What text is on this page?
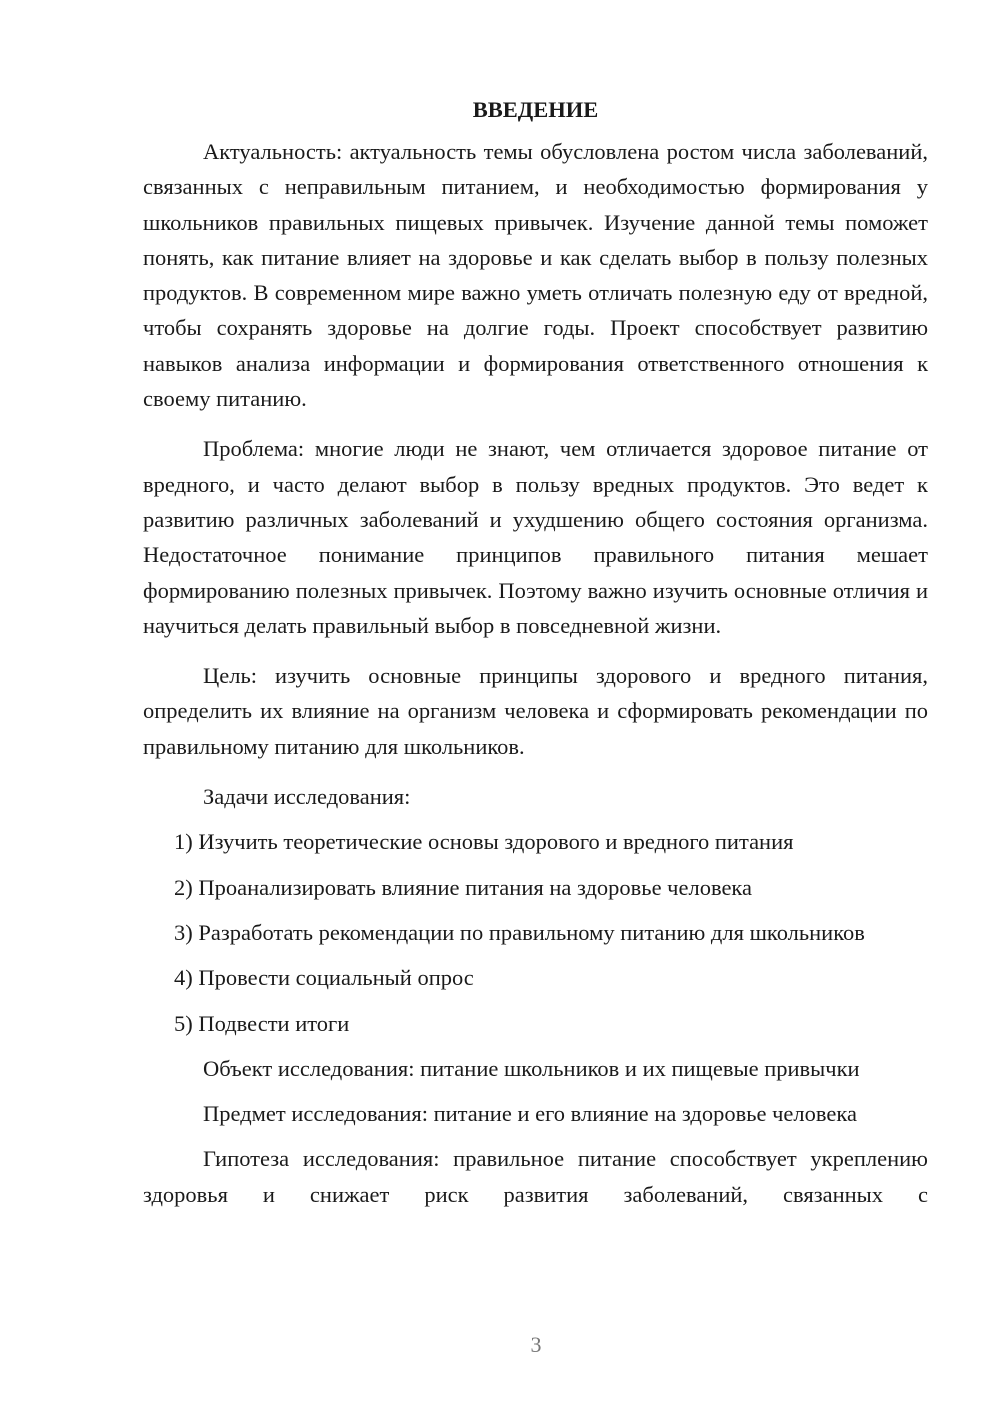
ВВЕДЕНИЕ

Актуальность: актуальность темы обусловлена ростом числа заболеваний, связанных с неправильным питанием, и необходимостью формирования у школьников правильных пищевых привычек. Изучение данной темы поможет понять, как питание влияет на здоровье и как сделать выбор в пользу полезных продуктов. В современном мире важно уметь отличать полезную еду от вредной, чтобы сохранять здоровье на долгие годы. Проект способствует развитию навыков анализа информации и формирования ответственного отношения к своему питанию.

Проблема: многие люди не знают, чем отличается здоровое питание от вредного, и часто делают выбор в пользу вредных продуктов. Это ведет к развитию различных заболеваний и ухудшению общего состояния организма. Недостаточное понимание принципов правильного питания мешает формированию полезных привычек. Поэтому важно изучить основные отличия и научиться делать правильный выбор в повседневной жизни.

Цель: изучить основные принципы здорового и вредного питания, определить их влияние на организм человека и сформировать рекомендации по правильному питанию для школьников.

Задачи исследования:

1) Изучить теоретические основы здорового и вредного питания

2) Проанализировать влияние питания на здоровье человека

3) Разработать рекомендации по правильному питанию для школьников

4) Провести социальный опрос

5) Подвести итоги

Объект исследования: питание школьников и их пищевые привычки

Предмет исследования: питание и его влияние на здоровье человека

Гипотеза исследования: правильное питание способствует укреплению здоровья и снижает риск развития заболеваний, связанных с

3
